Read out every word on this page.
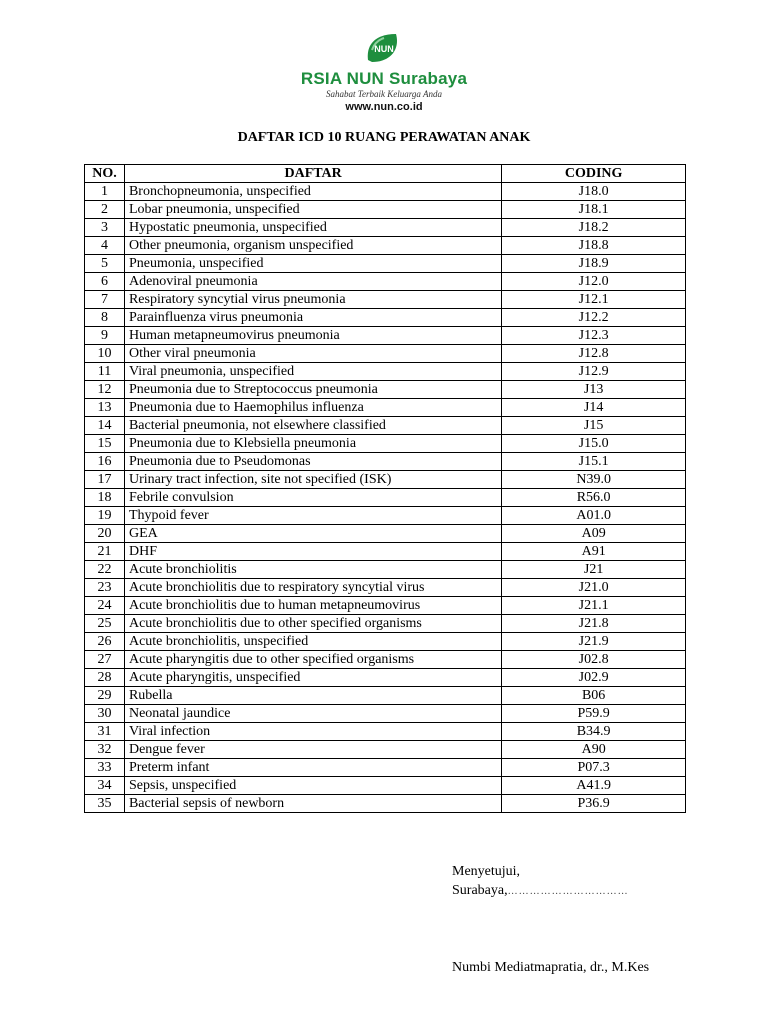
NUN
RSIA NUN Surabaya
Sahabat Terbaik Keluarga Anda
www.nun.co.id
DAFTAR ICD 10 RUANG PERAWATAN ANAK
NO.	DAFTAR	CODING
1	Bronchopneumonia, unspecified	J18.0
2	Lobar pneumonia, unspecified	J18.1
3	Hypostatic pneumonia, unspecified	J18.2
4	Other pneumonia, organism unspecified	J18.8
5	Pneumonia, unspecified	J18.9
6	Adenoviral pneumonia	J12.0
7	Respiratory syncytial virus pneumonia	J12.1
8	Parainfluenza virus pneumonia	J12.2
9	Human metapneumovirus pneumonia	J12.3
10	Other viral pneumonia	J12.8
11	Viral pneumonia, unspecified	J12.9
12	Pneumonia due to Streptococcus pneumonia	J13
13	Pneumonia due to Haemophilus influenza	J14
14	Bacterial pneumonia, not elsewhere classified	J15
15	Pneumonia due to Klebsiella pneumonia	J15.0
16	Pneumonia due to Pseudomonas	J15.1
17	Urinary tract infection, site not specified (ISK)	N39.0
18	Febrile convulsion	R56.0
19	Thypoid fever	A01.0
20	GEA	A09
21	DHF	A91
22	Acute bronchiolitis	J21
23	Acute bronchiolitis due to respiratory syncytial virus	J21.0
24	Acute bronchiolitis due to human metapneumovirus	J21.1
25	Acute bronchiolitis due to other specified organisms	J21.8
26	Acute bronchiolitis, unspecified	J21.9
27	Acute pharyngitis due to other specified organisms	J02.8
28	Acute pharyngitis, unspecified	J02.9
29	Rubella	B06
30	Neonatal jaundice	P59.9
31	Viral infection	B34.9
32	Dengue fever	A90
33	Preterm infant	P07.3
34	Sepsis, unspecified	A41.9
35	Bacterial sepsis of newborn	P36.9
Menyetujui,
Surabaya,……………………………
Numbi Mediatmapratia, dr., M.Kes
